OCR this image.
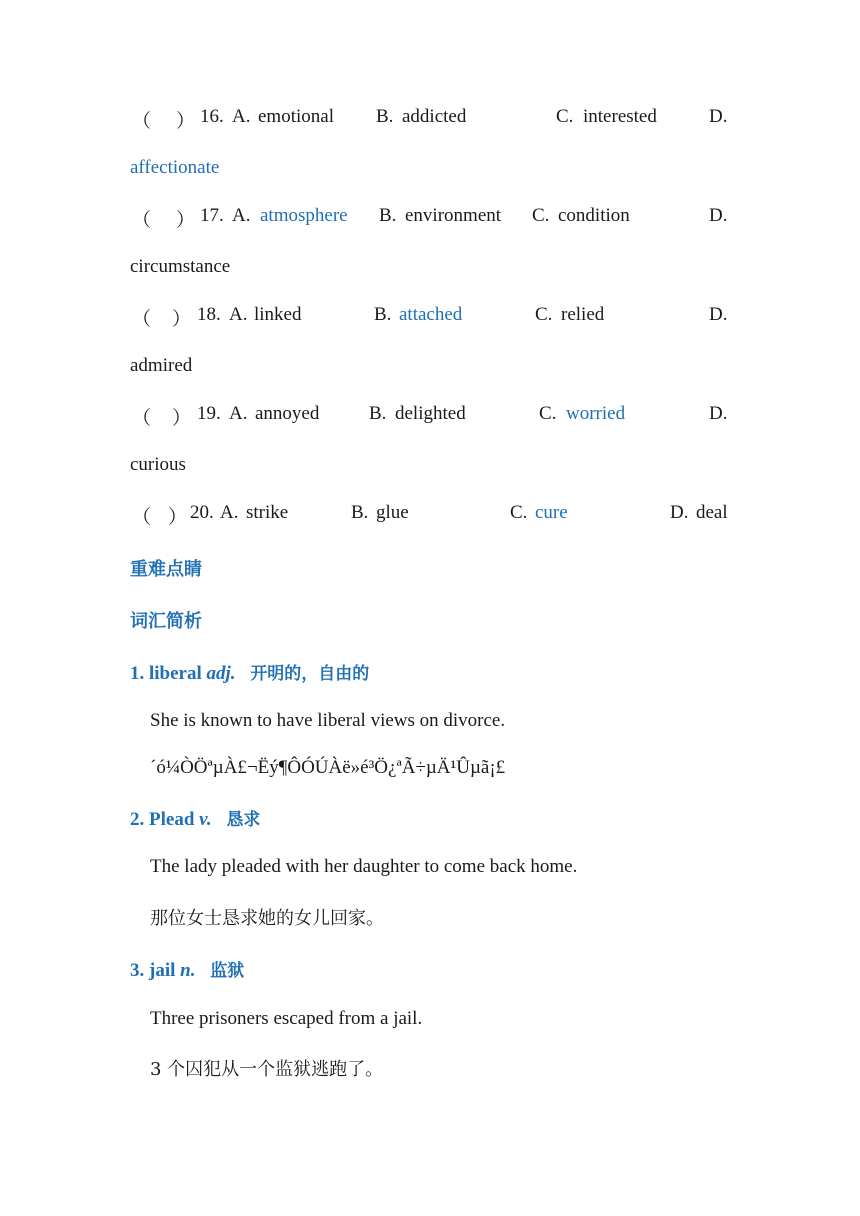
（ ） 16. A. emotional B. addicted	C. interested	D.
affectionate
（ ） 17. A. atmosphere B. environment C. condition	D.
circumstance
（ ） 18. A. linked	B. attached	C. relied	D.
admired
（ ） 19. A. annoyed	B. delighted	C. worried	D.
curious
（ ） 20. A. strike	B. glue	C. cure	D. deal
重难点睛
词汇简析
1. liberal adj. 开明的，自由的
She is known to have liberal views on divorce.
´ó¼ÒÖªµÀ£¬Ëý¶ÔÓÚÀë»é³Ö¿ªÃ÷µÄ¹Ûµã¡£
2. Plead v. 恳求
The lady pleaded with her daughter to come back home.
那位女士恳求她的女儿回家。
3. jail n. 监狱
Three prisoners escaped from a jail.
3 个囚犯从一个监狱逃跑了。
